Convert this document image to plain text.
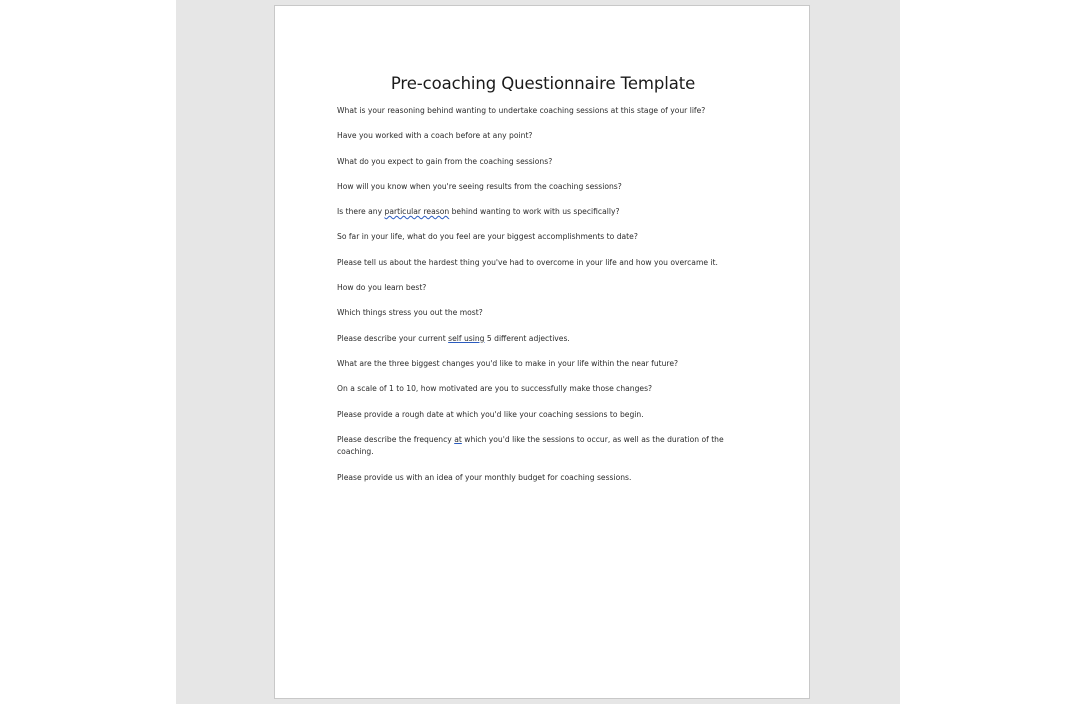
Pre-coaching Questionnaire Template
What is your reasoning behind wanting to undertake coaching sessions at this stage of your life?
Have you worked with a coach before at any point?
What do you expect to gain from the coaching sessions?
How will you know when you're seeing results from the coaching sessions?
Is there any particular reason behind wanting to work with us specifically?
So far in your life, what do you feel are your biggest accomplishments to date?
Please tell us about the hardest thing you've had to overcome in your life and how you overcame it.
How do you learn best?
Which things stress you out the most?
Please describe your current self using 5 different adjectives.
What are the three biggest changes you'd like to make in your life within the near future?
On a scale of 1 to 10, how motivated are you to successfully make those changes?
Please provide a rough date at which you'd like your coaching sessions to begin.
Please describe the frequency at which you'd like the sessions to occur, as well as the duration of the coaching.
Please provide us with an idea of your monthly budget for coaching sessions.
